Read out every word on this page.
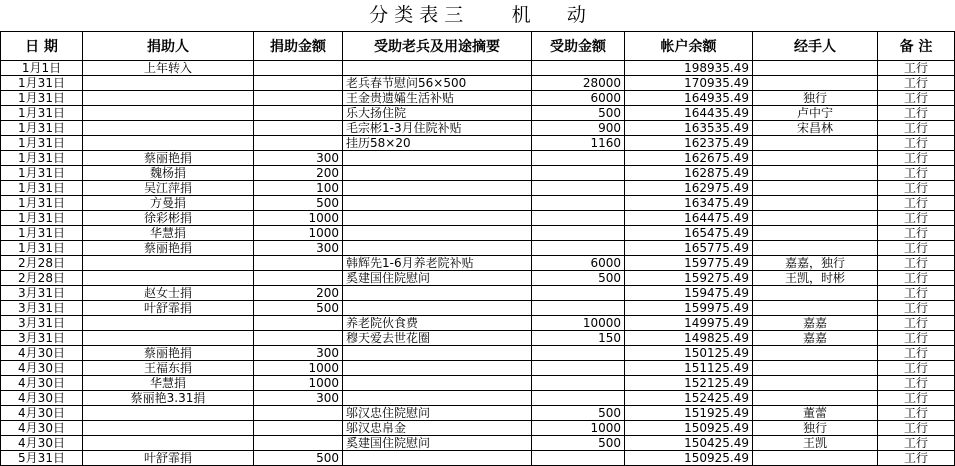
分 类 表 三        机      动
日 期	捐助人	捐助金额	受助老兵及用途摘要	受助金额	帐户余额	经手人	备 注
1月1日	上年转入				198935.49		工行
1月31日			老兵春节慰问56×500	28000	170935.49		工行
1月31日			王金贵遗孀生活补贴	6000	164935.49	独行	工行
1月31日			乐大扬住院	500	164435.49	卢中宁	工行
1月31日			毛宗彬1-3月住院补贴	900	163535.49	宋昌林	工行
1月31日			挂历58×20	1160	162375.49		工行
1月31日	蔡丽艳捐	300			162675.49		工行
1月31日	魏杨捐	200			162875.49		工行
1月31日	吴江萍捐	100			162975.49		工行
1月31日	方曼捐	500			163475.49		工行
1月31日	徐彩彬捐	1000			164475.49		工行
1月31日	华慧捐	1000			165475.49		工行
1月31日	蔡丽艳捐	300			165775.49		工行
2月28日			韩辉先1-6月养老院补贴	6000	159775.49	嘉嘉，独行	工行
2月28日			奚建国住院慰问	500	159275.49	王凯，时彬	工行
3月31日	赵女士捐	200			159475.49		工行
3月31日	叶舒霏捐	500			159975.49		工行
3月31日			养老院伙食费	10000	149975.49	嘉嘉	工行
3月31日			穆天爱去世花圈	150	149825.49	嘉嘉	工行
4月30日	蔡丽艳捐	300			150125.49		工行
4月30日	王福东捐	1000			151125.49		工行
4月30日	华慧捐	1000			152125.49		工行
4月30日	蔡丽艳3.31捐	300			152425.49		工行
4月30日			邬汉忠住院慰问	500	151925.49	董蕾	工行
4月30日			邬汉忠帛金	1000	150925.49	独行	工行
4月30日			奚建国住院慰问	500	150425.49	王凯	工行
5月31日	叶舒霏捐	500			150925.49		工行
